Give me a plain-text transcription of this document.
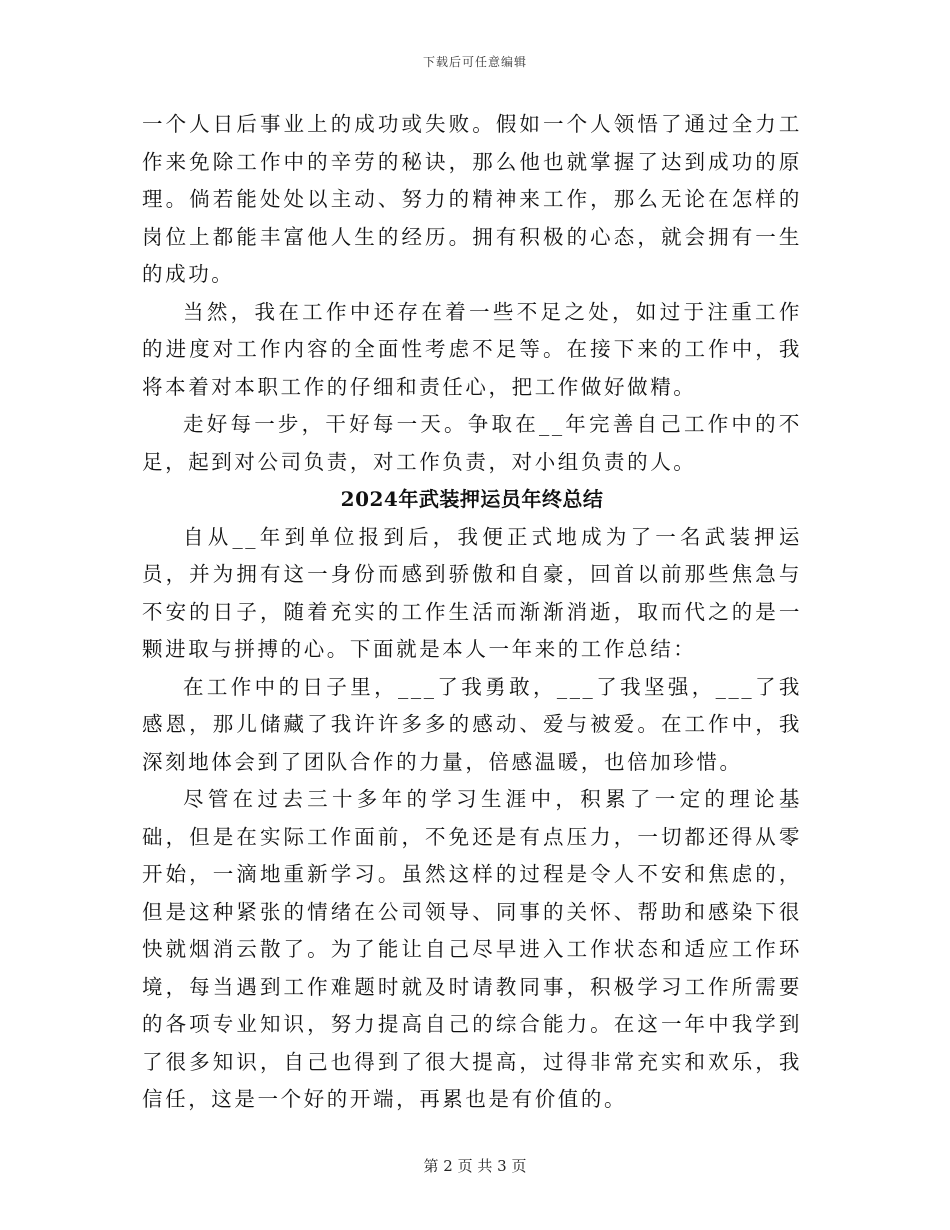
下载后可任意编辑

一个人日后事业上的成功或失败。假如一个人领悟了通过全力工作来免除工作中的辛劳的秘诀，那么他也就掌握了达到成功的原理。倘若能处处以主动、努力的精神来工作，那么无论在怎样的岗位上都能丰富他人生的经历。拥有积极的心态，就会拥有一生的成功。

当然，我在工作中还存在着一些不足之处，如过于注重工作的进度对工作内容的全面性考虑不足等。在接下来的工作中，我将本着对本职工作的仔细和责任心，把工作做好做精。

走好每一步，干好每一天。争取在__年完善自己工作中的不足，起到对公司负责，对工作负责，对小组负责的人。

2024年武装押运员年终总结

自从__年到单位报到后，我便正式地成为了一名武装押运员，并为拥有这一身份而感到骄傲和自豪，回首以前那些焦急与不安的日子，随着充实的工作生活而渐渐消逝，取而代之的是一颗进取与拼搏的心。下面就是本人一年来的工作总结：

在工作中的日子里，___了我勇敢，___了我坚强，___了我感恩，那儿储藏了我许许多多的感动、爱与被爱。在工作中，我深刻地体会到了团队合作的力量，倍感温暖，也倍加珍惜。

尽管在过去三十多年的学习生涯中，积累了一定的理论基础，但是在实际工作面前，不免还是有点压力，一切都还得从零开始，一滴地重新学习。虽然这样的过程是令人不安和焦虑的，但是这种紧张的情绪在公司领导、同事的关怀、帮助和感染下很快就烟消云散了。为了能让自己尽早进入工作状态和适应工作环境，每当遇到工作难题时就及时请教同事，积极学习工作所需要的各项专业知识，努力提高自己的综合能力。在这一年中我学到了很多知识，自己也得到了很大提高，过得非常充实和欢乐，我信任，这是一个好的开端，再累也是有价值的。

第 2 页 共 3 页
